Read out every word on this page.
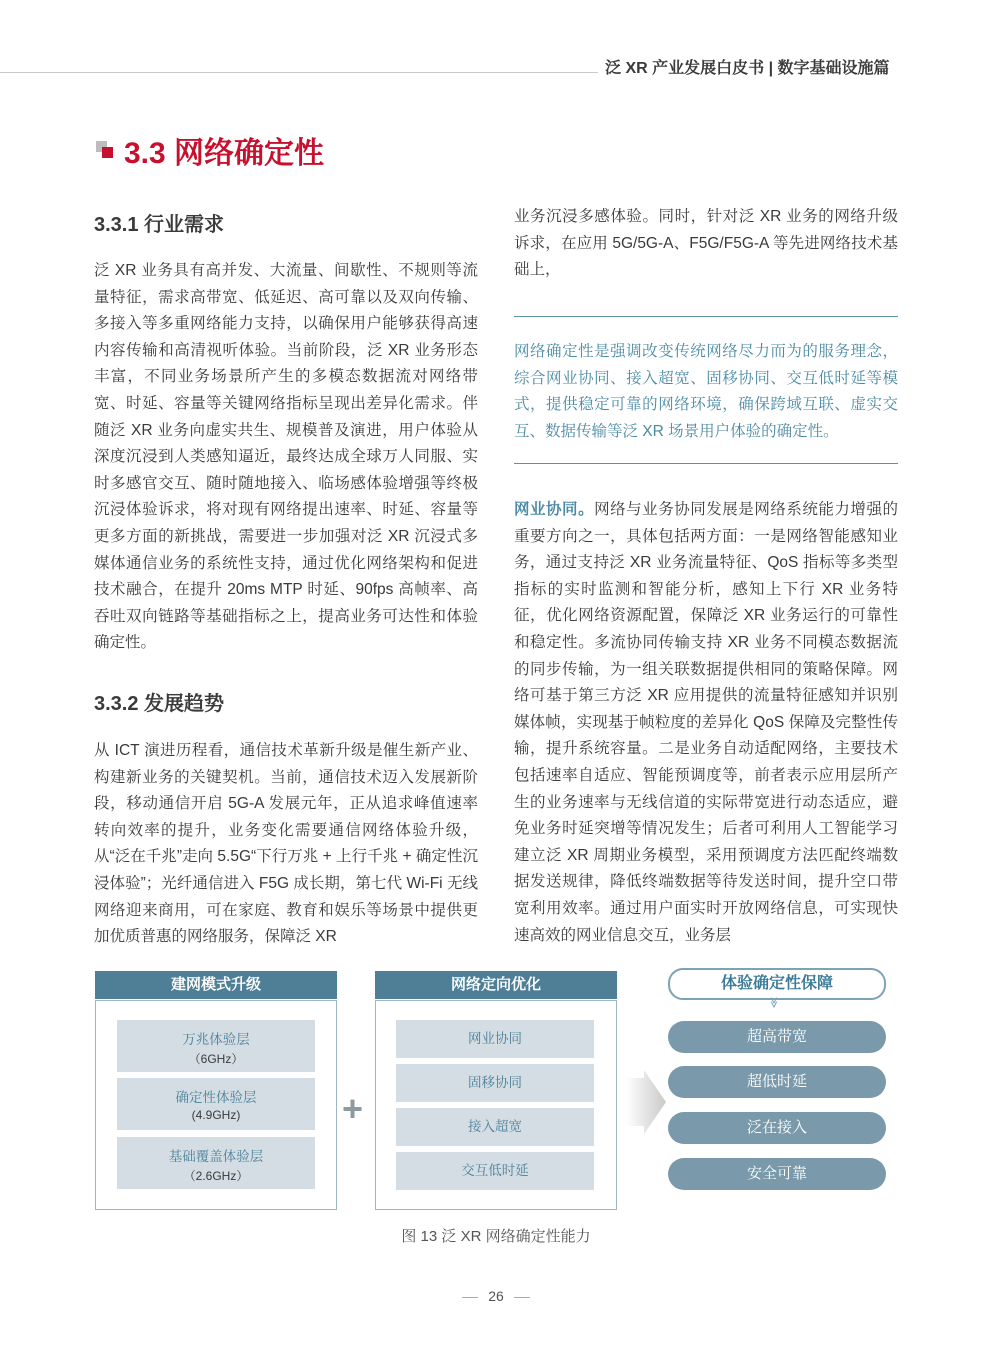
泛 XR 产业发展白皮书 | 数字基础设施篇
3.3 网络确定性
3.3.1 行业需求

泛 XR 业务具有高并发、大流量、间歇性、不规则等流量特征，需求高带宽、低延迟、高可靠以及双向传输、多接入等多重网络能力支持，以确保用户能够获得高速内容传输和高清视听体验。当前阶段，泛 XR 业务形态丰富，不同业务场景所产生的多模态数据流对网络带宽、时延、容量等关键网络指标呈现出差异化需求。伴随泛 XR 业务向虚实共生、规模普及演进，用户体验从深度沉浸到人类感知逼近，最终达成全球万人同服、实时多感官交互、随时随地接入、临场感体验增强等终极沉浸体验诉求，将对现有网络提出速率、时延、容量等更多方面的新挑战，需要进一步加强对泛 XR 沉浸式多媒体通信业务的系统性支持，通过优化网络架构和促进技术融合，在提升 20ms MTP 时延、90fps 高帧率、高吞吐双向链路等基础指标之上，提高业务可达性和体验确定性。

3.3.2 发展趋势

从 ICT 演进历程看，通信技术革新升级是催生新产业、构建新业务的关键契机。当前，通信技术迈入发展新阶段，移动通信开启 5G-A 发展元年，正从追求峰值速率转向效率的提升，业务变化需要通信网络体验升级，从“泛在千兆”走向 5.5G“下行万兆 + 上行千兆 + 确定性沉浸体验”；光纤通信进入 F5G 成长期，第七代 Wi-Fi 无线网络迎来商用，可在家庭、教育和娱乐等场景中提供更加优质普惠的网络服务，保障泛 XR

业务沉浸多感体验。同时，针对泛 XR 业务的网络升级诉求，在应用 5G/5G-A、F5G/F5G-A 等先进网络技术基础上，

网络确定性是强调改变传统网络尽力而为的服务理念，综合网业协同、接入超宽、固移协同、交互低时延等模式，提供稳定可靠的网络环境，确保跨域互联、虚实交互、数据传输等泛 XR 场景用户体验的确定性。

网业协同。网络与业务协同发展是网络系统能力增强的重要方向之一，具体包括两方面：一是网络智能感知业务，通过支持泛 XR 业务流量特征、QoS 指标等多类型指标的实时监测和智能分析，感知上下行 XR 业务特征，优化网络资源配置，保障泛 XR 业务运行的可靠性和稳定性。多流协同传输支持 XR 业务不同模态数据流的同步传输，为一组关联数据提供相同的策略保障。网络可基于第三方泛 XR 应用提供的流量特征感知并识别媒体帧，实现基于帧粒度的差异化 QoS 保障及完整性传输，提升系统容量。二是业务自动适配网络，主要技术包括速率自适应、智能预调度等，前者表示应用层所产生的业务速率与无线信道的实际带宽进行动态适应，避免业务时延突增等情况发生；后者可利用人工智能学习建立泛 XR 周期业务模型，采用预调度方法匹配终端数据发送规律，降低终端数据等待发送时间，提升空口带宽利用效率。通过用户面实时开放网络信息，可实现快速高效的网业信息交互，业务层

建网模式升级
万兆体验层
（6GHz）
确定性体验层
(4.9GHz)
基础覆盖体验层
（2.6GHz）
+
网络定向优化
网业协同
固移协同
接入超宽
交互低时延
体验确定性保障
≫
超高带宽
超低时延
泛在接入
安全可靠
图 13 泛 XR 网络确定性能力
26
